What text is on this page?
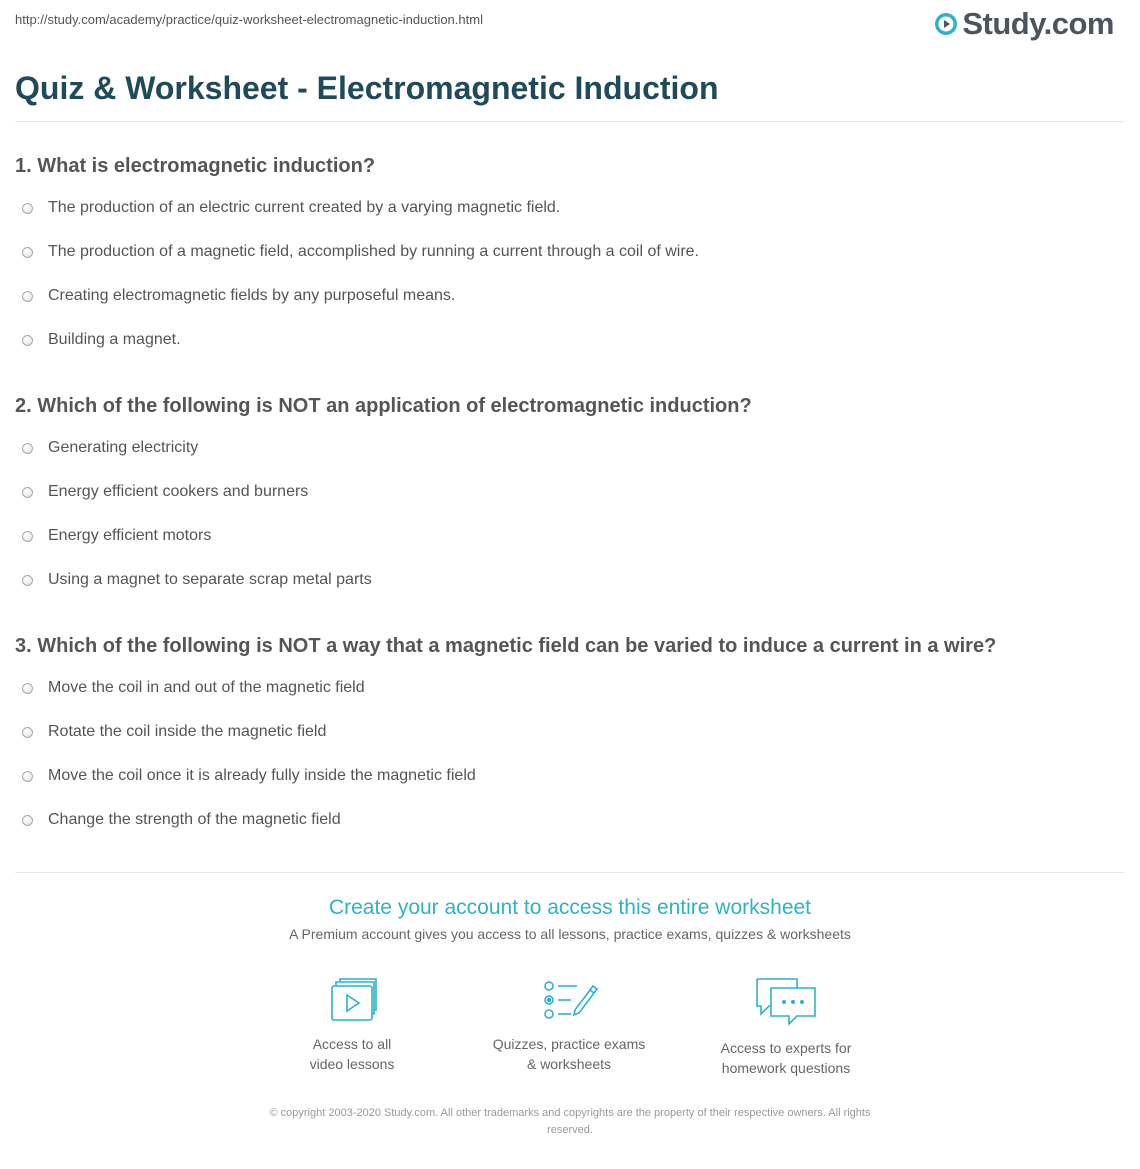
http://study.com/academy/practice/quiz-worksheet-electromagnetic-induction.html	Study.com
Quiz & Worksheet - Electromagnetic Induction
1. What is electromagnetic induction?
The production of an electric current created by a varying magnetic field.
The production of a magnetic field, accomplished by running a current through a coil of wire.
Creating electromagnetic fields by any purposeful means.
Building a magnet.
2. Which of the following is NOT an application of electromagnetic induction?
Generating electricity
Energy efficient cookers and burners
Energy efficient motors
Using a magnet to separate scrap metal parts
3. Which of the following is NOT a way that a magnetic field can be varied to induce a current in a wire?
Move the coil in and out of the magnetic field
Rotate the coil inside the magnetic field
Move the coil once it is already fully inside the magnetic field
Change the strength of the magnetic field
Create your account to access this entire worksheet
A Premium account gives you access to all lessons, practice exams, quizzes & worksheets
Access to all
video lessons
Quizzes, practice exams
& worksheets
Access to experts for
homework questions
© copyright 2003-2020 Study.com. All other trademarks and copyrights are the property of their respective owners. All rights
reserved.
